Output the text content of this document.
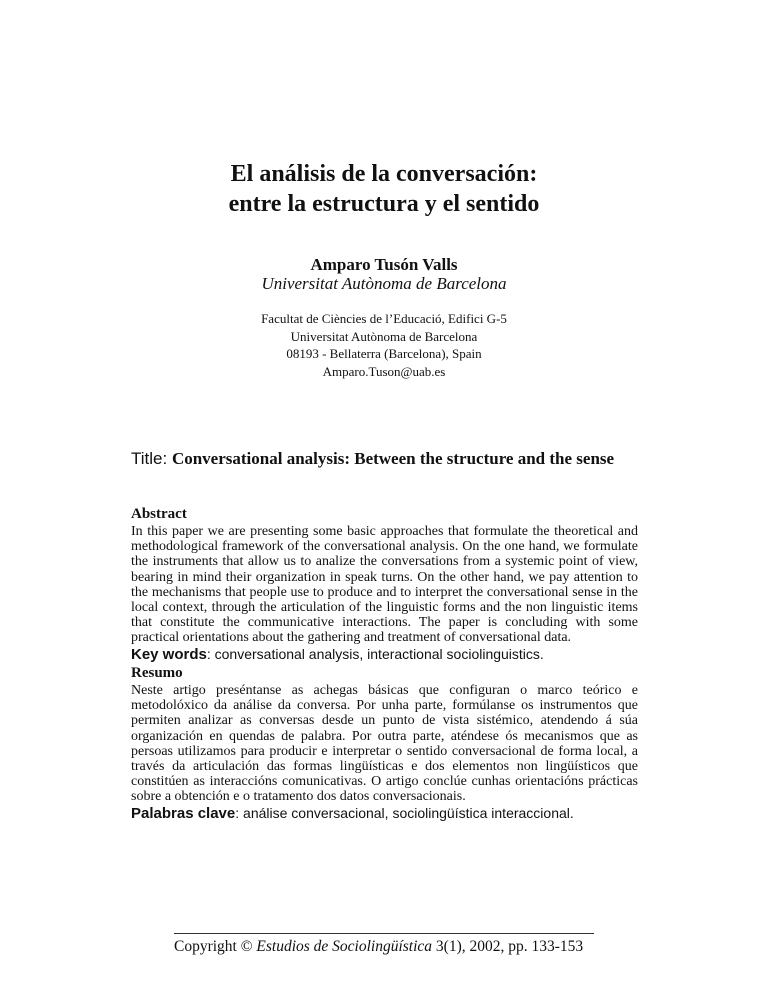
El análisis de la conversación:
entre la estructura y el sentido
Amparo Tusón Valls
Universitat Autònoma de Barcelona
Facultat de Ciències de l’Educació, Edifici G-5
Universitat Autònoma de Barcelona
08193 - Bellaterra (Barcelona), Spain
Amparo.Tuson@uab.es
Title: Conversational analysis: Between the structure and the sense
Abstract

In this paper we are presenting some basic approaches that formulate the theoretical and methodological framework of the conversational analysis. On the one hand, we formulate the instruments that allow us to analize the conversations from a systemic point of view, bearing in mind their organization in speak turns. On the other hand, we pay attention to the mechanisms that people use to produce and to interpret the conversational sense in the local context, through the articulation of the linguistic forms and the non linguistic items that constitute the communicative interactions. The paper is concluding with some practical orientations about the gathering and treatment of conversational data.

Key words: conversational analysis, interactional sociolinguistics.
Resumo

Neste artigo preséntanse as achegas básicas que configuran o marco teórico e metodolóxico da análise da conversa. Por unha parte, formúlanse os instrumentos que permiten analizar as conversas desde un punto de vista sistémico, atendendo á súa organización en quendas de palabra. Por outra parte, aténdese ós mecanismos que as persoas utilizamos para producir e interpretar o sentido conversacional de forma local, a través da articulación das formas lingüísticas e dos elementos non lingüísticos que constitúen as interaccións comunicativas. O artigo conclúe cunhas orientacións prácticas sobre a obtención e o tratamento dos datos conversacionais.

Palabras clave: análise conversacional, sociolingüística interaccional.
Copyright © Estudios de Sociolingüística 3(1), 2002, pp. 133-153
